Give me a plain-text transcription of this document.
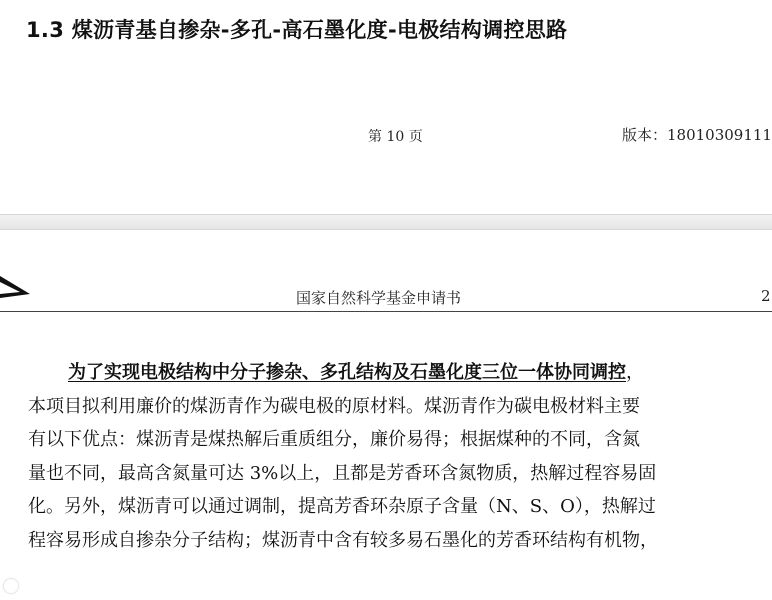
1.3 煤沥青基自掺杂-多孔-高石墨化度-电极结构调控思路
第 10 页	版本：18010309111
国家自然科学基金申请书	2
为了实现电极结构中分子掺杂、多孔结构及石墨化度三位一体协同调控，
本项目拟利用廉价的煤沥青作为碳电极的原材料。煤沥青作为碳电极材料主要
有以下优点：煤沥青是煤热解后重质组分，廉价易得；根据煤种的不同，含氮
量也不同，最高含氮量可达 3%以上，且都是芳香环含氮物质，热解过程容易固
化。另外，煤沥青可以通过调制，提高芳香环杂原子含量（N、S、O），热解过
程容易形成自掺杂分子结构；煤沥青中含有较多易石墨化的芳香环结构有机物，
